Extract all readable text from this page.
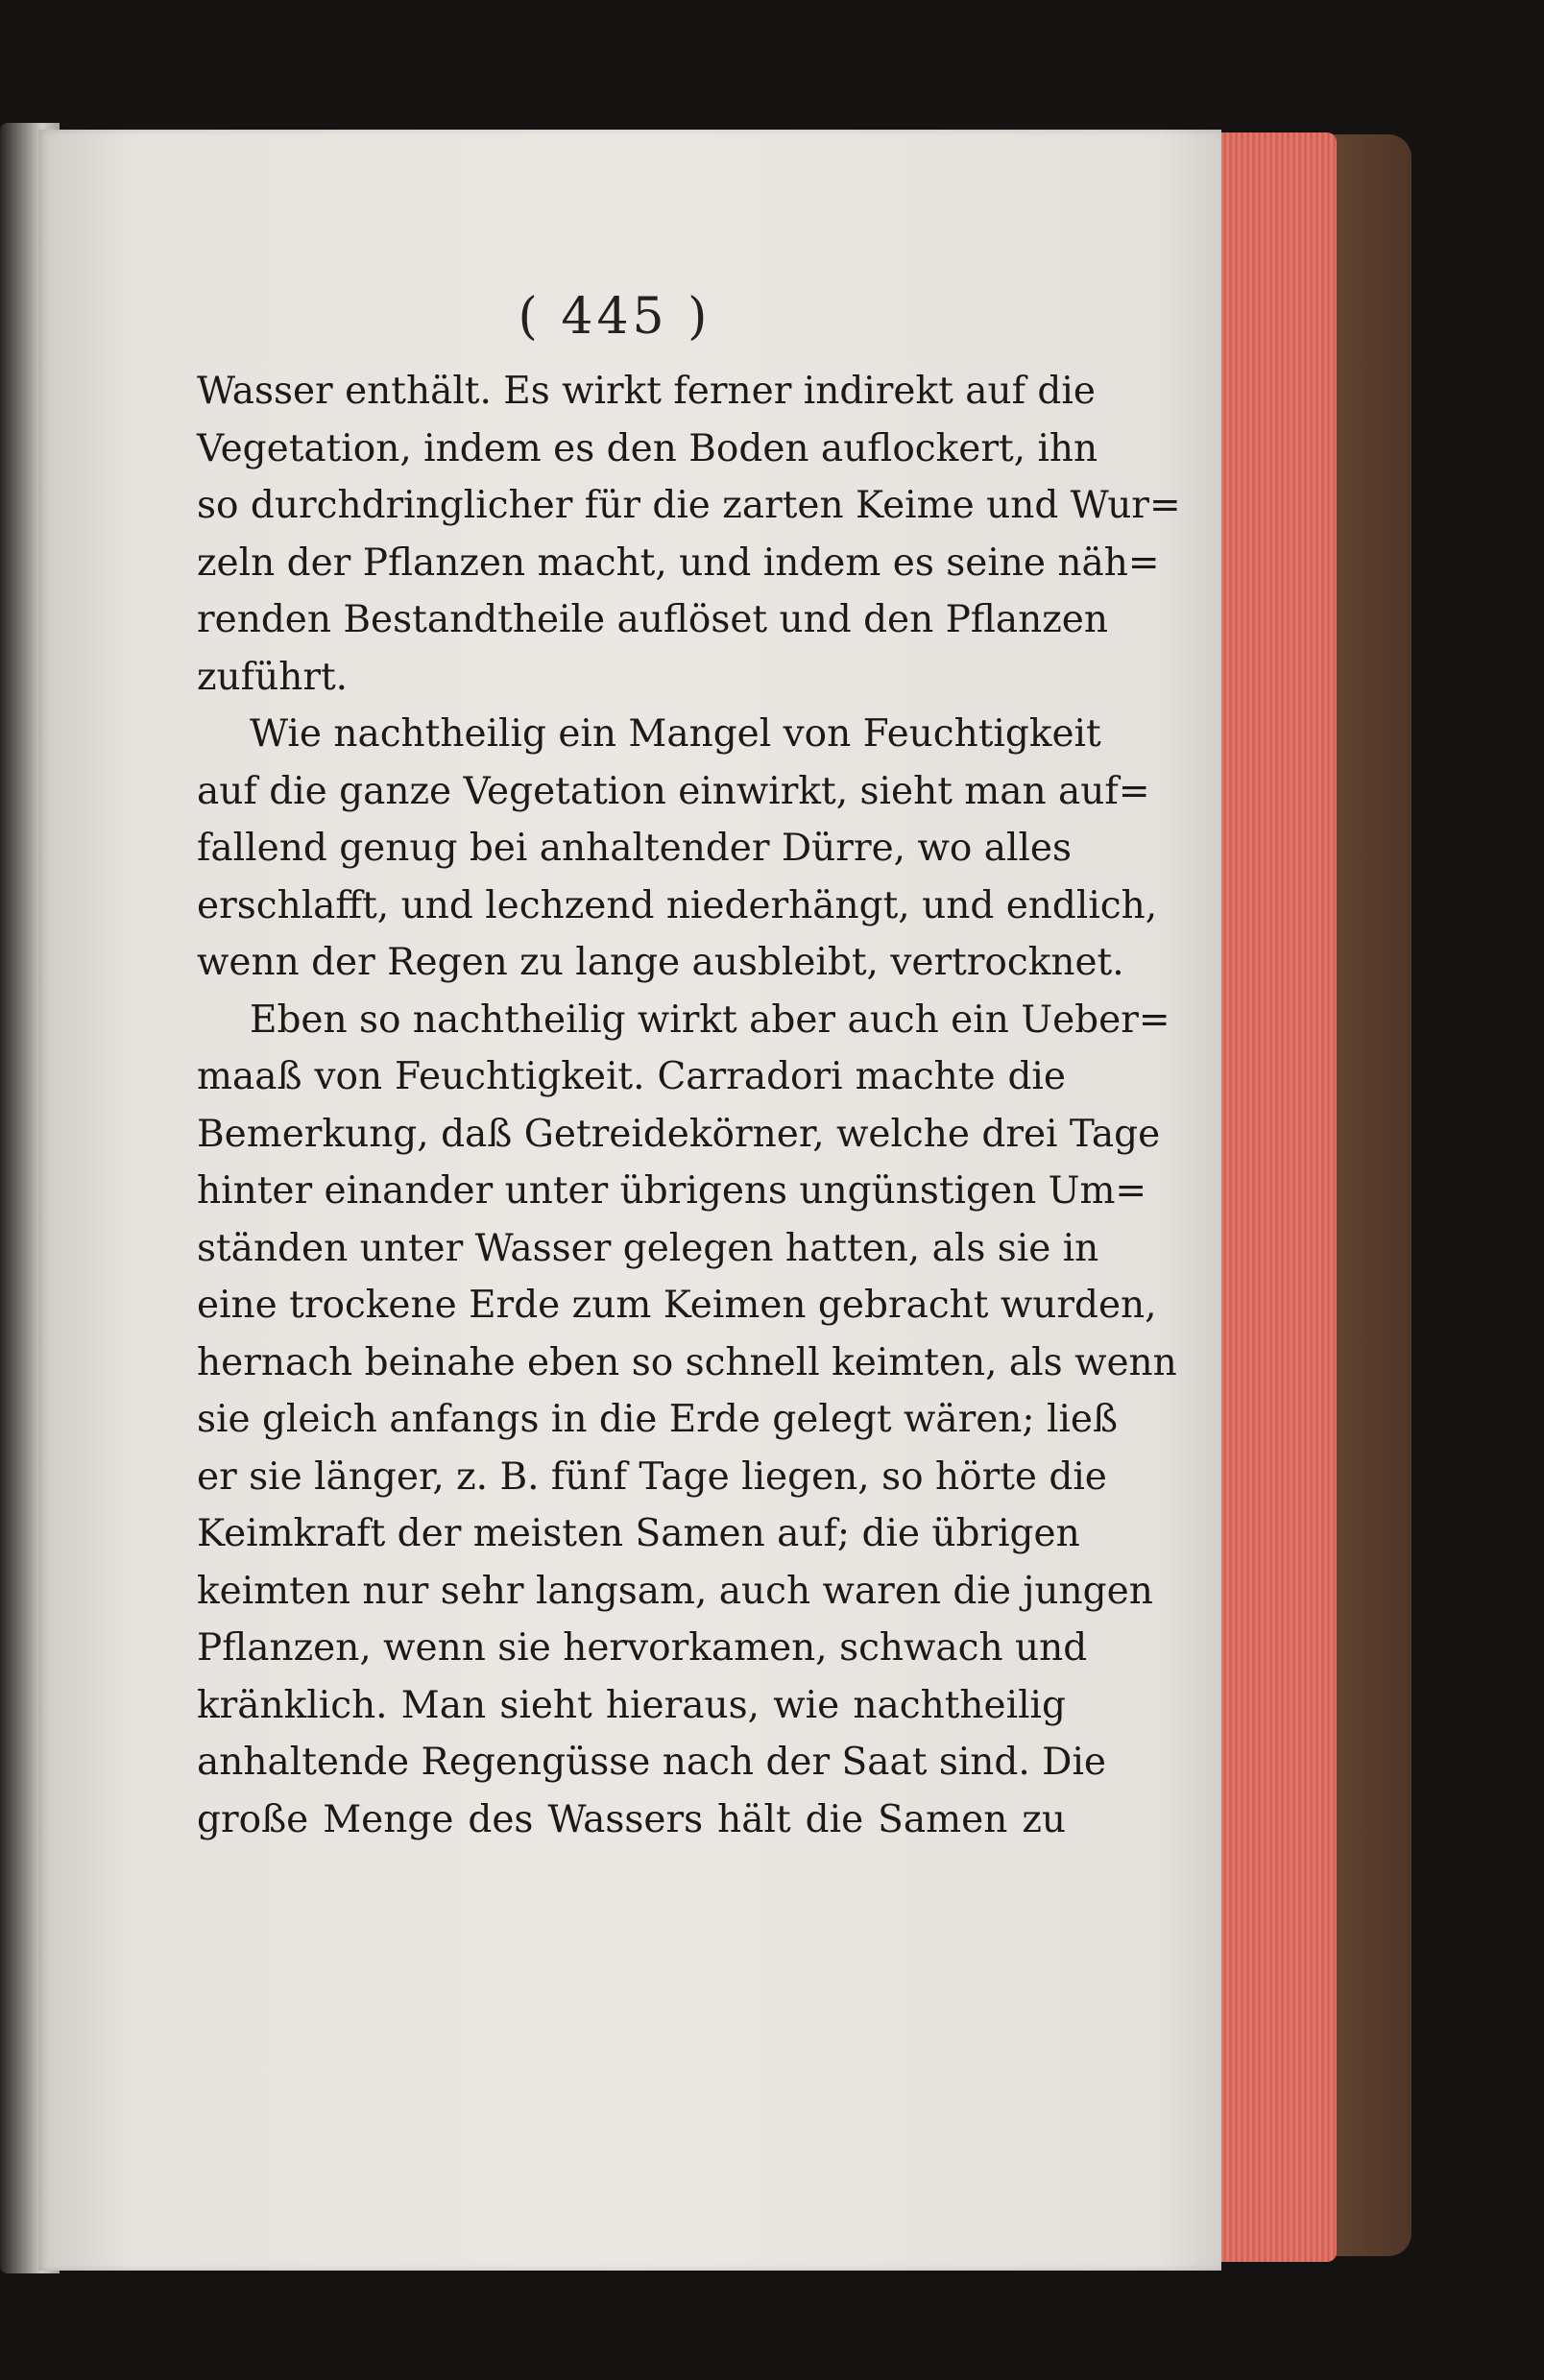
( 445 )
Wasser enthält. Es wirkt ferner indirekt auf die
Vegetation, indem es den Boden auflockert, ihn
so durchdringlicher für die zarten Keime und Wur=
zeln der Pflanzen macht, und indem es seine näh=
renden Bestandtheile auflöset und den Pflanzen
zuführt.
Wie nachtheilig ein Mangel von Feuchtigkeit
auf die ganze Vegetation einwirkt, sieht man auf=
fallend genug bei anhaltender Dürre, wo alles
erschlafft, und lechzend niederhängt, und endlich,
wenn der Regen zu lange ausbleibt, vertrocknet.
Eben so nachtheilig wirkt aber auch ein Ueber=
maaß von Feuchtigkeit. Carradori machte die
Bemerkung, daß Getreidekörner, welche drei Tage
hinter einander unter übrigens ungünstigen Um=
ständen unter Wasser gelegen hatten, als sie in
eine trockene Erde zum Keimen gebracht wurden,
hernach beinahe eben so schnell keimten, als wenn
sie gleich anfangs in die Erde gelegt wären; ließ
er sie länger, z. B. fünf Tage liegen, so hörte die
Keimkraft der meisten Samen auf; die übrigen
keimten nur sehr langsam, auch waren die jungen
Pflanzen, wenn sie hervorkamen, schwach und
kränklich. Man sieht hieraus, wie nachtheilig
anhaltende Regengüsse nach der Saat sind. Die
große Menge des Wassers hält die Samen zu
